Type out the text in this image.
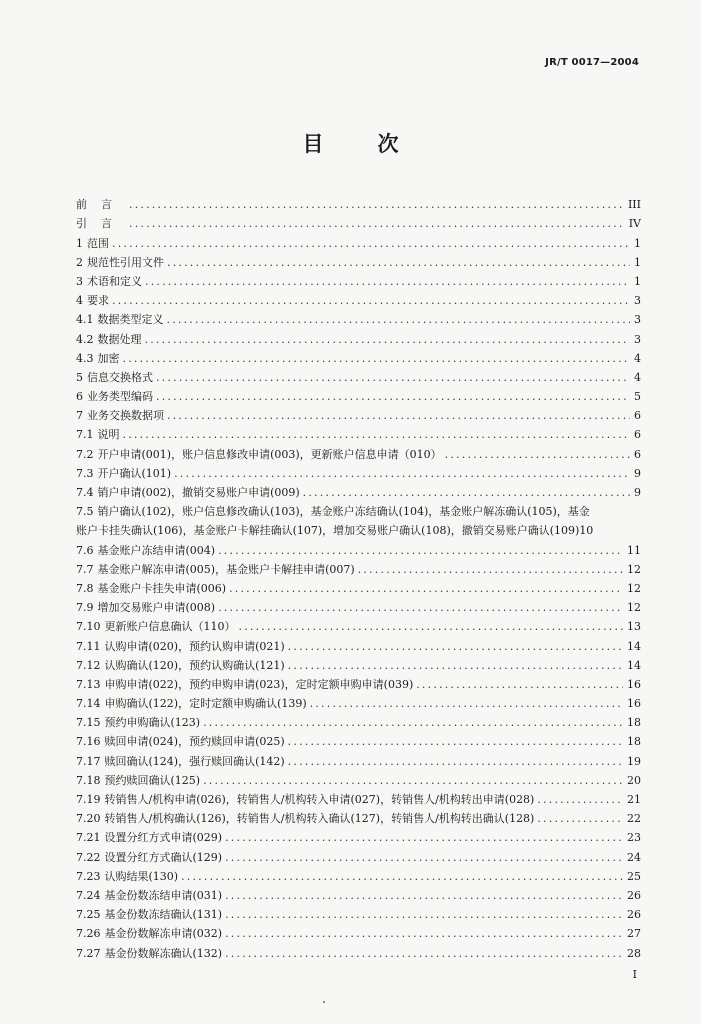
JR/T 0017—2004
目	次
前言 .....	III
引言 .....	IV
1 范围 .....	1
2 规范性引用文件 .....	1
3 术语和定义 .....	1
4 要求 .....	3
4.1 数据类型定义 .....	3
4.2 数据处理 .....	3
4.3 加密 .....	4
5 信息交换格式 .....	4
6 业务类型编码 .....	5
7 业务交换数据项 .....	6
7.1 说明 .....	6
7.2 开户申请(001)，账户信息修改申请(003)，更新账户信息申请（010） .....	6
7.3 开户确认(101) .....	9
7.4 销户申请(002)，撤销交易账户申请(009) .....	9
7.5 销户确认(102)，账户信息修改确认(103)，基金账户冻结确认(104)，基金账户解冻确认(105)，基金
账户卡挂失确认(106)，基金账户卡解挂确认(107)，增加交易账户确认(108)，撤销交易账户确认(109) 10
7.6 基金账户冻结申请(004) .....	11
7.7 基金账户解冻申请(005)，基金账户卡解挂申请(007) .....	12
7.8 基金账户卡挂失申请(006) .....	12
7.9 增加交易账户申请(008) .....	12
7.10 更新账户信息确认（110） .....	13
7.11 认购申请(020)，预约认购申请(021) .....	14
7.12 认购确认(120)，预约认购确认(121) .....	14
7.13 申购申请(022)，预约申购申请(023)，定时定额申购申请(039) .....	16
7.14 申购确认(122)，定时定额申购确认(139) .....	16
7.15 预约申购确认(123) .....	18
7.16 赎回申请(024)，预约赎回申请(025) .....	18
7.17 赎回确认(124)，强行赎回确认(142) .....	19
7.18 预约赎回确认(125) .....	20
7.19 转销售人/机构申请(026)，转销售人/机构转入申请(027)，转销售人/机构转出申请(028) .....	21
7.20 转销售人/机构确认(126)，转销售人/机构转入确认(127)，转销售人/机构转出确认(128) .....	22
7.21 设置分红方式申请(029) .....	23
7.22 设置分红方式确认(129) .....	24
7.23 认购结果(130) .....	25
7.24 基金份数冻结申请(031) .....	26
7.25 基金份数冻结确认(131) .....	26
7.26 基金份数解冻申请(032) .....	27
7.27 基金份数解冻确认(132) .....	28
I
